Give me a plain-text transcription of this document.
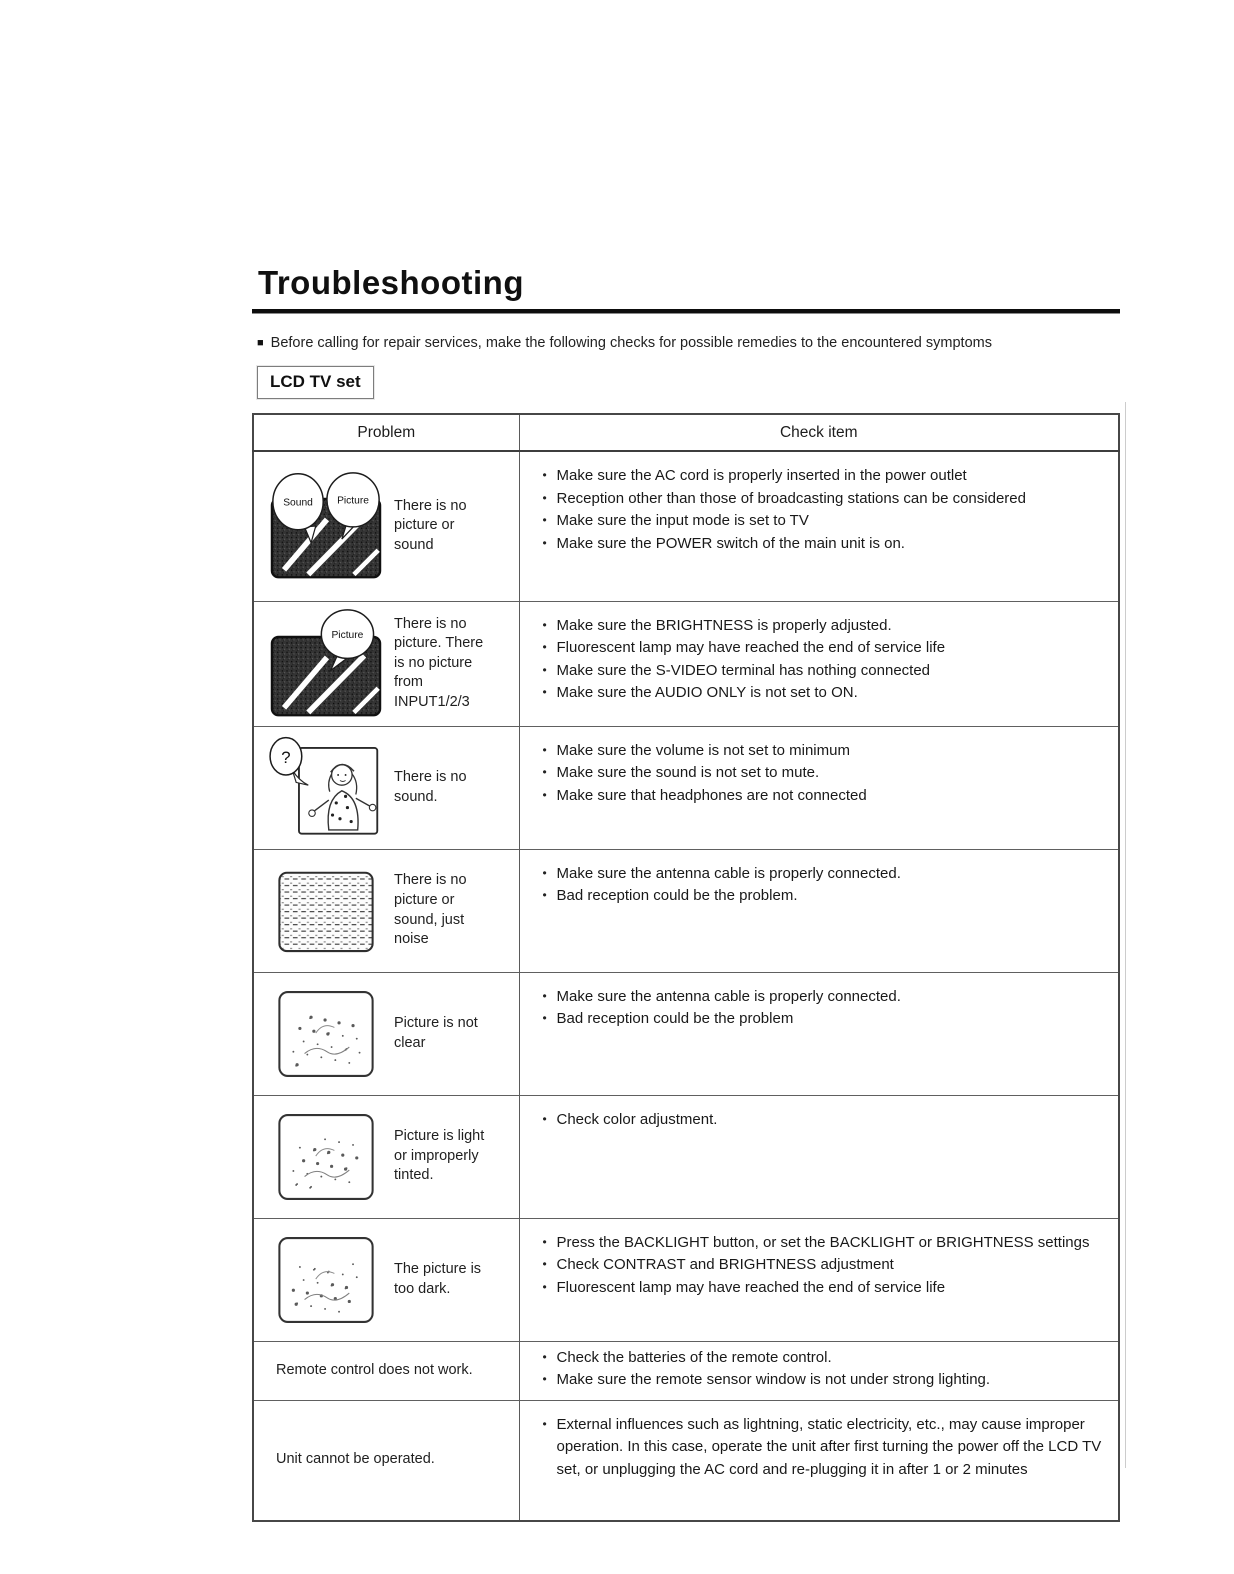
Troubleshooting

■ Before calling for repair services, make the following checks for possible remedies to the encountered symptoms

LCD TV set
Problem	Check item

Sound Picture There is no picture or sound

• Make sure the AC cord is properly inserted in the power outlet
• Reception other than those of broadcasting stations can be considered
• Make sure the input mode is set to TV
• Make sure the POWER switch of the main unit is on.

Picture
There is no picture. There is no picture from INPUT1/2/3

• Make sure the BRIGHTNESS is properly adjusted.
• Fluorescent lamp may have reached the end of service life
• Make sure the S-VIDEO terminal has nothing connected
• Make sure the AUDIO ONLY is not set to ON.

?
There is no sound.

• Make sure the volume is not set to minimum
• Make sure the sound is not set to mute.
• Make sure that headphones are not connected

There is no picture or sound, just noise

• Make sure the antenna cable is properly connected.
• Bad reception could be the problem.

Picture is not clear

• Make sure the antenna cable is properly connected.
• Bad reception could be the problem

Picture is light or improperly tinted.

• Check color adjustment.

The picture is too dark.

• Press the BACKLIGHT button, or set the BACKLIGHT or BRIGHTNESS settings
• Check CONTRAST and BRIGHTNESS adjustment
• Fluorescent lamp may have reached the end of service life

Remote control does not work.

• Check the batteries of the remote control.
• Make sure the remote sensor window is not under strong lighting.

Unit cannot be operated.

• External influences such as lightning, static electricity, etc., may cause improper operation. In this case, operate the unit after first turning the power off the LCD TV set, or unplugging the AC cord and re-plugging it in after 1 or 2 minutes
